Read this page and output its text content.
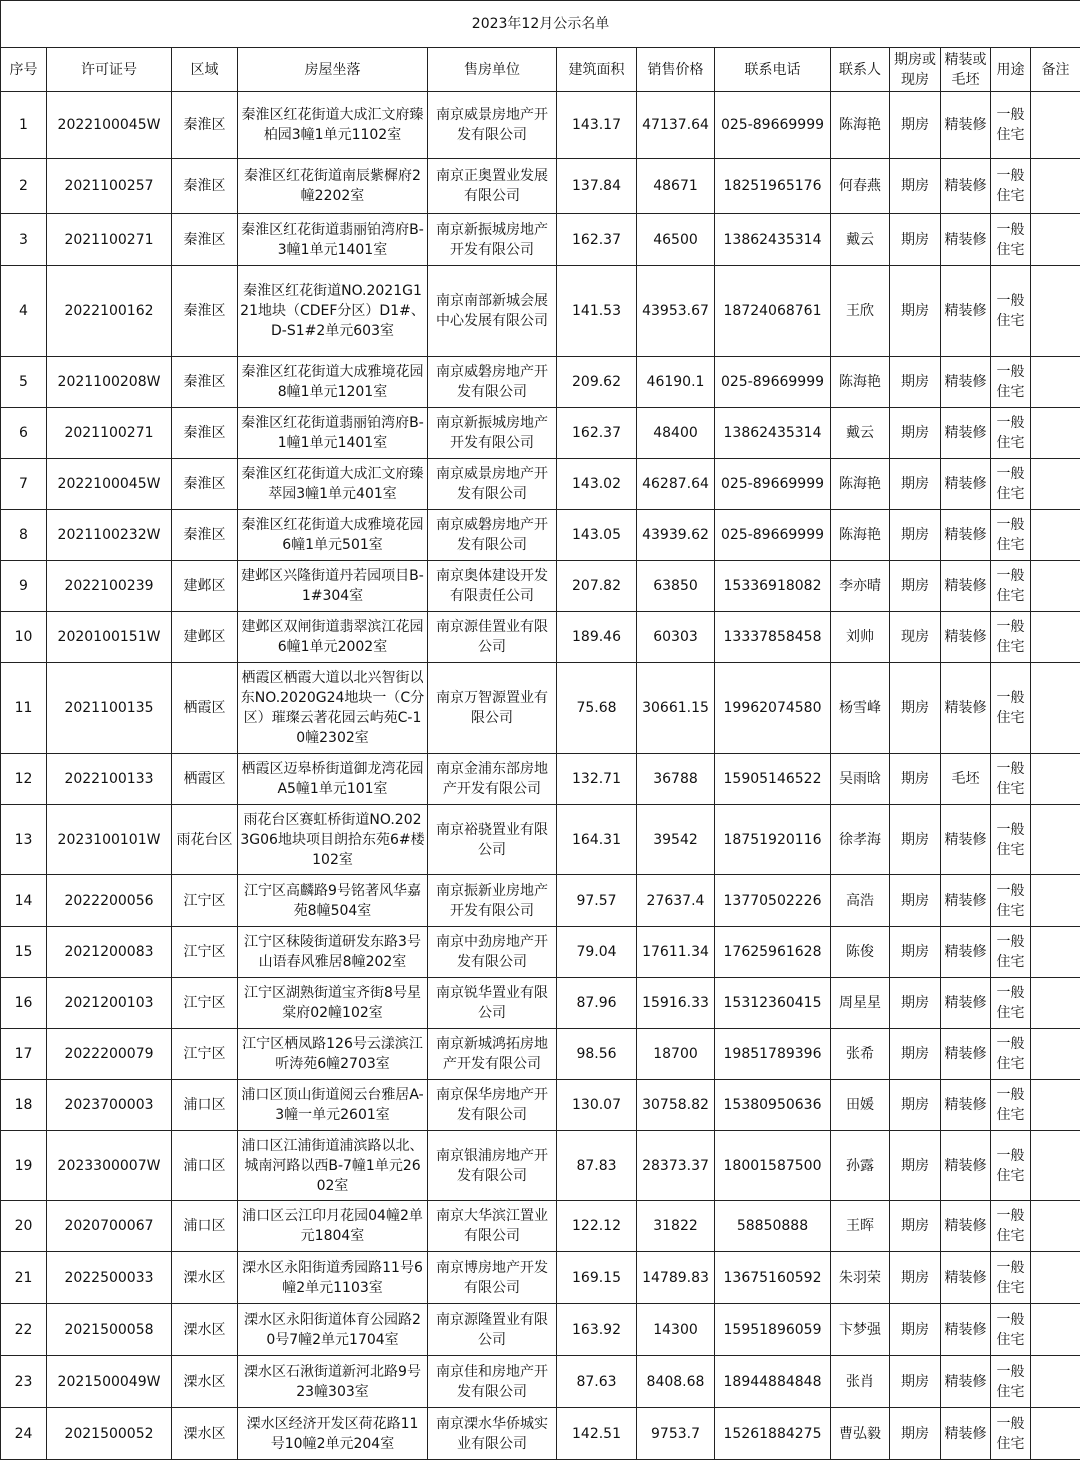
2023年12月公示名单												
序号	许可证号	区域	房屋坐落	售房单位	建筑面积	销售价格	联系电话	联系人	期房或现房	精装或毛坯	用途	备注
1	2022100045W	秦淮区	秦淮区红花街道大成汇文府臻柏园3幢1单元1102室	南京威景房地产开发有限公司	143.17	47137.64	025-89669999	陈海艳	期房	精装修	一般住宅	
2	2021100257	秦淮区	秦淮区红花街道南辰紫樨府2幢2202室	南京正奥置业发展有限公司	137.84	48671	18251965176	何春燕	期房	精装修	一般住宅	
3	2021100271	秦淮区	秦淮区红花街道翡丽铂湾府B-3幢1单元1401室	南京新振城房地产开发有限公司	162.37	46500	13862435314	戴云	期房	精装修	一般住宅	
4	2022100162	秦淮区	秦淮区红花街道NO.2021G121地块（CDEF分区）D1#、D-S1#2单元603室	南京南部新城会展中心发展有限公司	141.53	43953.67	18724068761	王欣	期房	精装修	一般住宅	
5	2021100208W	秦淮区	秦淮区红花街道大成雅境花园8幢1单元1201室	南京威磐房地产开发有限公司	209.62	46190.1	025-89669999	陈海艳	期房	精装修	一般住宅	
6	2021100271	秦淮区	秦淮区红花街道翡丽铂湾府B-1幢1单元1401室	南京新振城房地产开发有限公司	162.37	48400	13862435314	戴云	期房	精装修	一般住宅	
7	2022100045W	秦淮区	秦淮区红花街道大成汇文府臻萃园3幢1单元401室	南京威景房地产开发有限公司	143.02	46287.64	025-89669999	陈海艳	期房	精装修	一般住宅	
8	2021100232W	秦淮区	秦淮区红花街道大成雅境花园6幢1单元501室	南京威磐房地产开发有限公司	143.05	43939.62	025-89669999	陈海艳	期房	精装修	一般住宅	
9	2022100239	建邺区	建邺区兴隆街道丹若园项目B-1#304室	南京奥体建设开发有限责任公司	207.82	63850	15336918082	李亦晴	期房	精装修	一般住宅	
10	2020100151W	建邺区	建邺区双闸街道翡翠滨江花园6幢1单元2002室	南京源佳置业有限公司	189.46	60303	13337858458	刘帅	现房	精装修	一般住宅	
11	2021100135	栖霞区	栖霞区栖霞大道以北兴智街以东NO.2020G24地块一（C分区）璀璨云著花园云屿苑C-10幢2302室	南京万智源置业有限公司	75.68	30661.15	19962074580	杨雪峰	期房	精装修	一般住宅	
12	2022100133	栖霞区	栖霞区迈皋桥街道御龙湾花园A5幢1单元101室	南京金浦东部房地产开发有限公司	132.71	36788	15905146522	吴雨晗	期房	毛坯	一般住宅	
13	2023100101W	雨花台区	雨花台区赛虹桥街道NO.2023G06地块项目朗拾东苑6#楼102室	南京裕骁置业有限公司	164.31	39542	18751920116	徐孝海	期房	精装修	一般住宅	
14	2022200056	江宁区	江宁区高麟路9号铭著风华嘉苑8幢504室	南京振新业房地产开发有限公司	97.57	27637.4	13770502226	高浩	期房	精装修	一般住宅	
15	2021200083	江宁区	江宁区秣陵街道研发东路3号山语春风雅居8幢202室	南京中劲房地产开发有限公司	79.04	17611.34	17625961628	陈俊	期房	精装修	一般住宅	
16	2021200103	江宁区	江宁区湖熟街道宝齐街8号星棠府02幢102室	南京锐华置业有限公司	87.96	15916.33	15312360415	周星星	期房	精装修	一般住宅	
17	2022200079	江宁区	江宁区栖凤路126号云漾滨江听涛苑6幢2703室	南京新城鸿拓房地产开发有限公司	98.56	18700	19851789396	张希	期房	精装修	一般住宅	
18	2023700003	浦口区	浦口区顶山街道阅云台雅居A-3幢一单元2601室	南京保华房地产开发有限公司	130.07	30758.82	15380950636	田媛	期房	精装修	一般住宅	
19	2023300007W	浦口区	浦口区江浦街道浦滨路以北、城南河路以西B-7幢1单元2602室	南京银浦房地产开发有限公司	87.83	28373.37	18001587500	孙露	期房	精装修	一般住宅	
20	2020700067	浦口区	浦口区云江印月花园04幢2单元1804室	南京大华滨江置业有限公司	122.12	31822	58850888	王晖	期房	精装修	一般住宅	
21	2022500033	溧水区	溧水区永阳街道秀园路11号6幢2单元1103室	南京博房地产开发有限公司	169.15	14789.83	13675160592	朱羽荣	期房	精装修	一般住宅	
22	2021500058	溧水区	溧水区永阳街道体育公园路20号7幢2单元1704室	南京源隆置业有限公司	163.92	14300	15951896059	卞梦强	期房	精装修	一般住宅	
23	2021500049W	溧水区	溧水区石湫街道新河北路9号23幢303室	南京佳和房地产开发有限公司	87.63	8408.68	18944884848	张肖	期房	精装修	一般住宅	
24	2021500052	溧水区	溧水区经济开发区荷花路11号10幢2单元204室	南京溧水华侨城实业有限公司	142.51	9753.7	15261884275	曹弘毅	期房	精装修	一般住宅	
